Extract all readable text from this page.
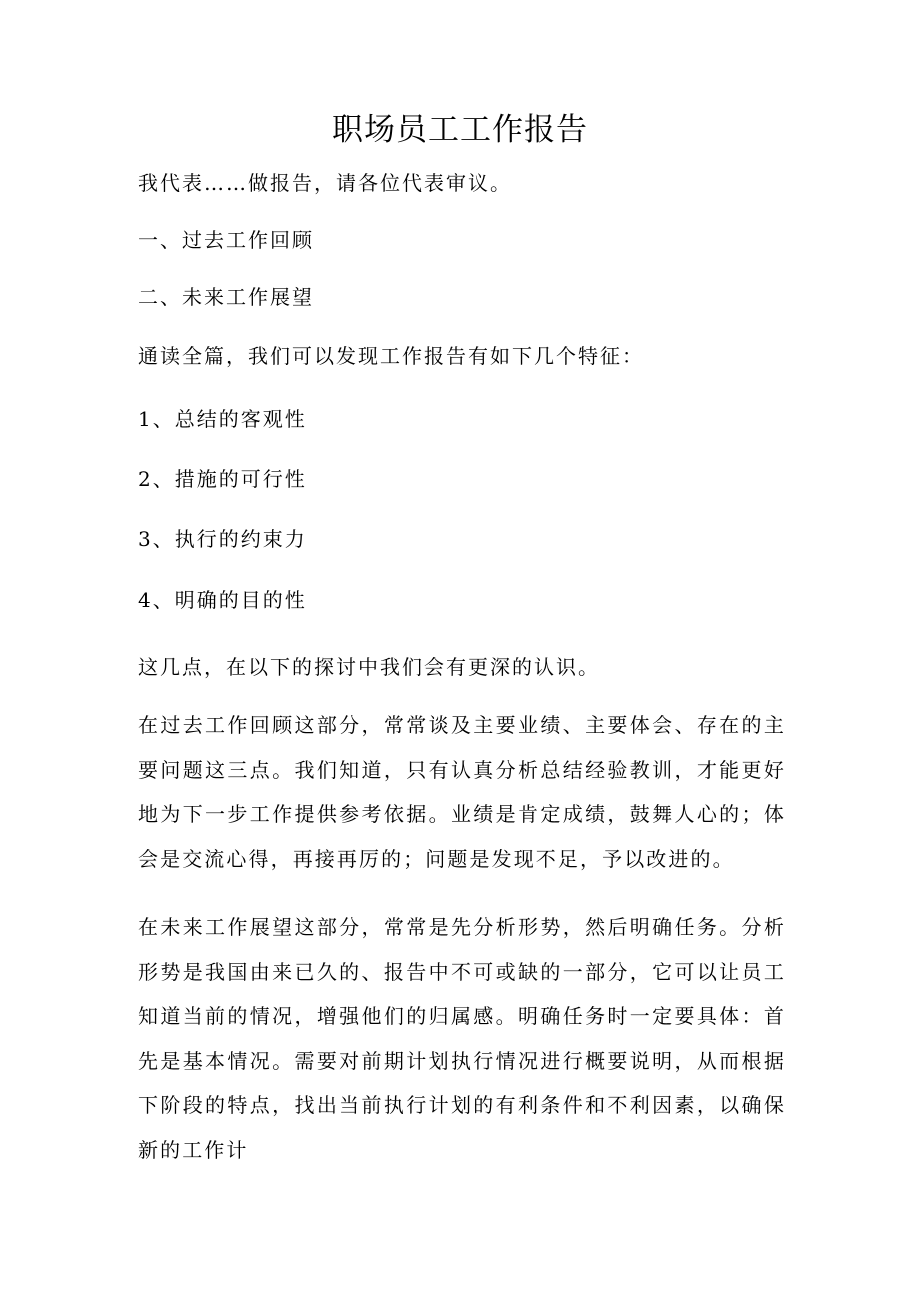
职场员工工作报告

我代表……做报告，请各位代表审议。

一、过去工作回顾

二、未来工作展望

通读全篇，我们可以发现工作报告有如下几个特征：

1、总结的客观性

2、措施的可行性

3、执行的约束力

4、明确的目的性

这几点，在以下的探讨中我们会有更深的认识。

在过去工作回顾这部分，常常谈及主要业绩、主要体会、存在的主要问题这三点。我们知道，只有认真分析总结经验教训，才能更好地为下一步工作提供参考依据。业绩是肯定成绩，鼓舞人心的；体会是交流心得，再接再厉的；问题是发现不足，予以改进的。

在未来工作展望这部分，常常是先分析形势，然后明确任务。分析形势是我国由来已久的、报告中不可或缺的一部分，它可以让员工知道当前的情况，增强他们的归属感。明确任务时一定要具体：首先是基本情况。需要对前期计划执行情况进行概要说明，从而根据下阶段的特点，找出当前执行计划的有利条件和不利因素，以确保新的工作计
